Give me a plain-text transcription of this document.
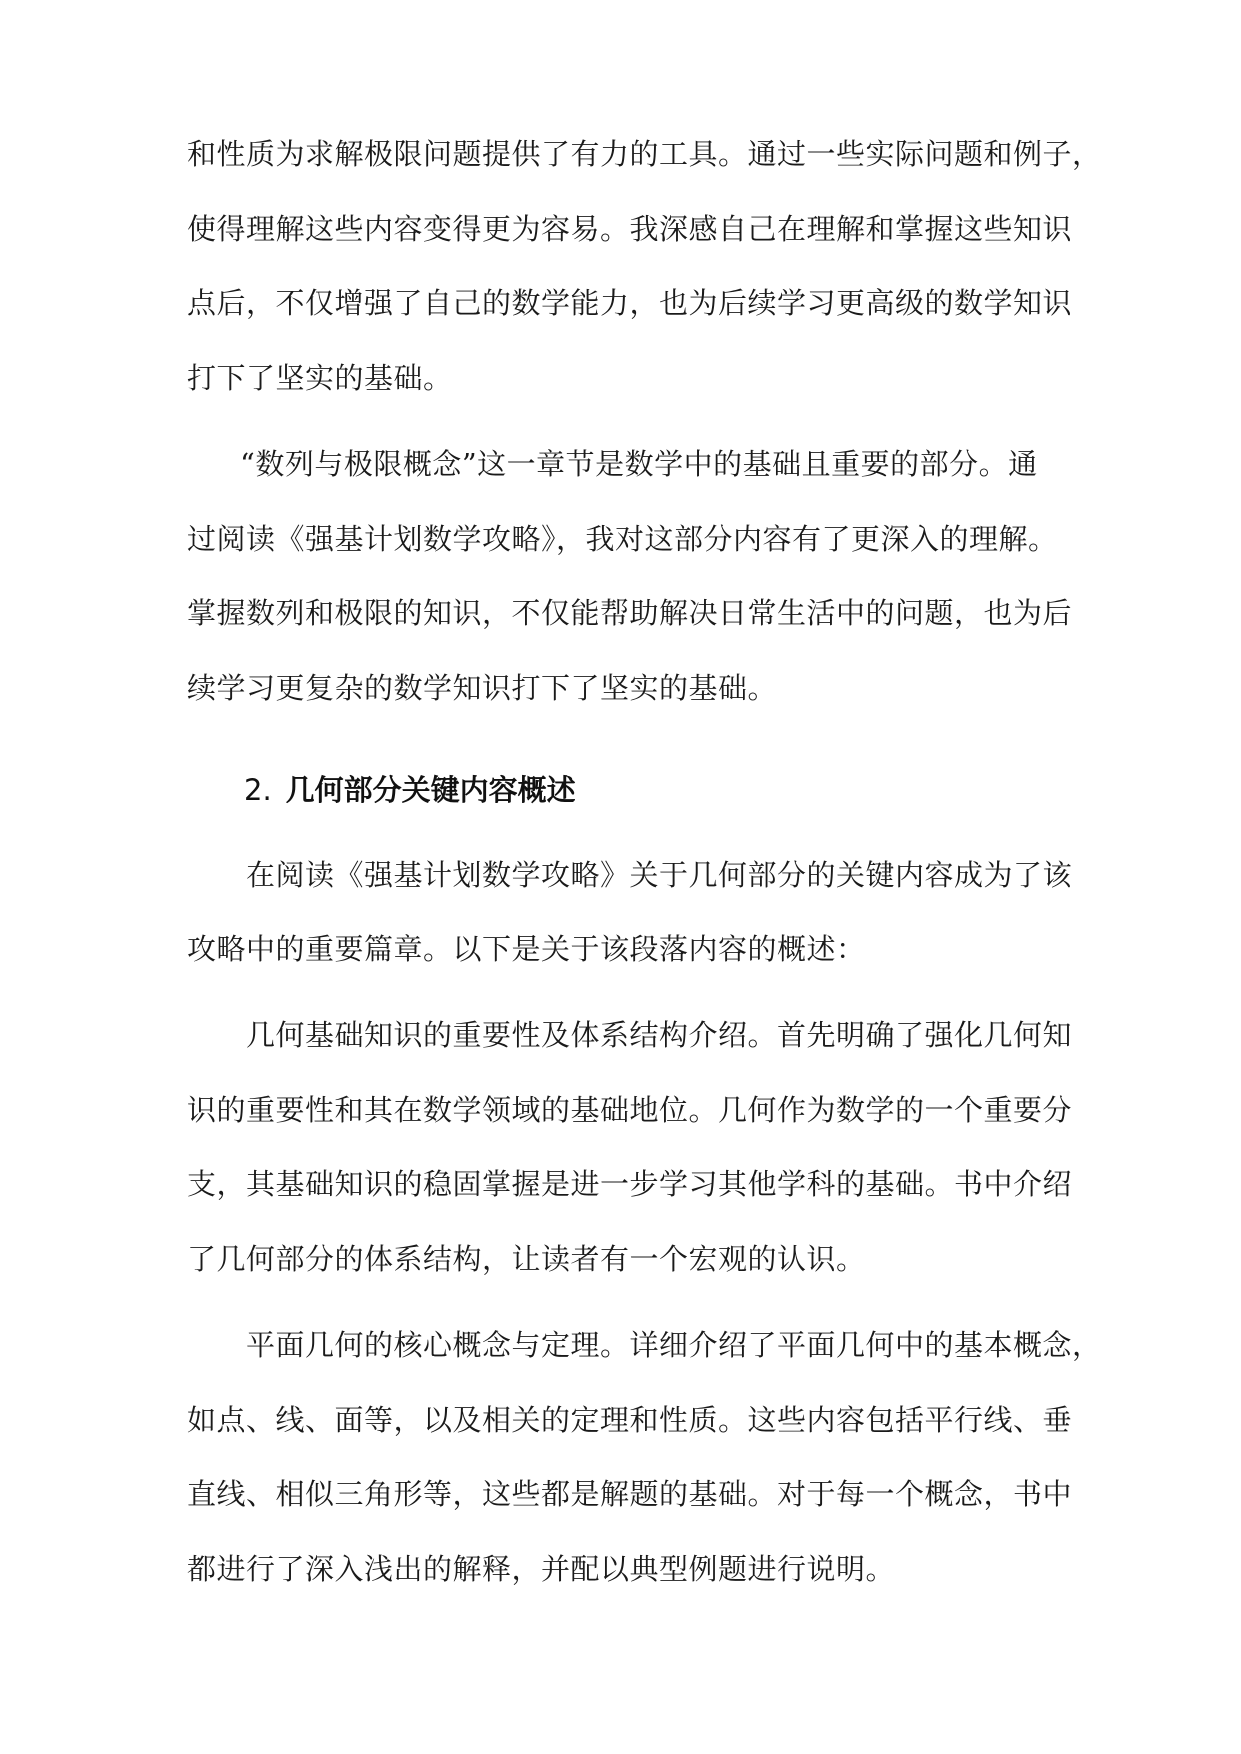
和性质为求解极限问题提供了有力的工具。通过一些实际问题和例子，
使得理解这些内容变得更为容易。我深感自己在理解和掌握这些知识
点后，不仅增强了自己的数学能力，也为后续学习更高级的数学知识
打下了坚实的基础。
“数列与极限概念”这一章节是数学中的基础且重要的部分。通
过阅读《强基计划数学攻略》，我对这部分内容有了更深入的理解。
掌握数列和极限的知识，不仅能帮助解决日常生活中的问题，也为后
续学习更复杂的数学知识打下了坚实的基础。
2. 几何部分关键内容概述
在阅读《强基计划数学攻略》关于几何部分的关键内容成为了该
攻略中的重要篇章。以下是关于该段落内容的概述：
几何基础知识的重要性及体系结构介绍。首先明确了强化几何知
识的重要性和其在数学领域的基础地位。几何作为数学的一个重要分
支，其基础知识的稳固掌握是进一步学习其他学科的基础。书中介绍
了几何部分的体系结构，让读者有一个宏观的认识。
平面几何的核心概念与定理。详细介绍了平面几何中的基本概念，
如点、线、面等，以及相关的定理和性质。这些内容包括平行线、垂
直线、相似三角形等，这些都是解题的基础。对于每一个概念，书中
都进行了深入浅出的解释，并配以典型例题进行说明。
